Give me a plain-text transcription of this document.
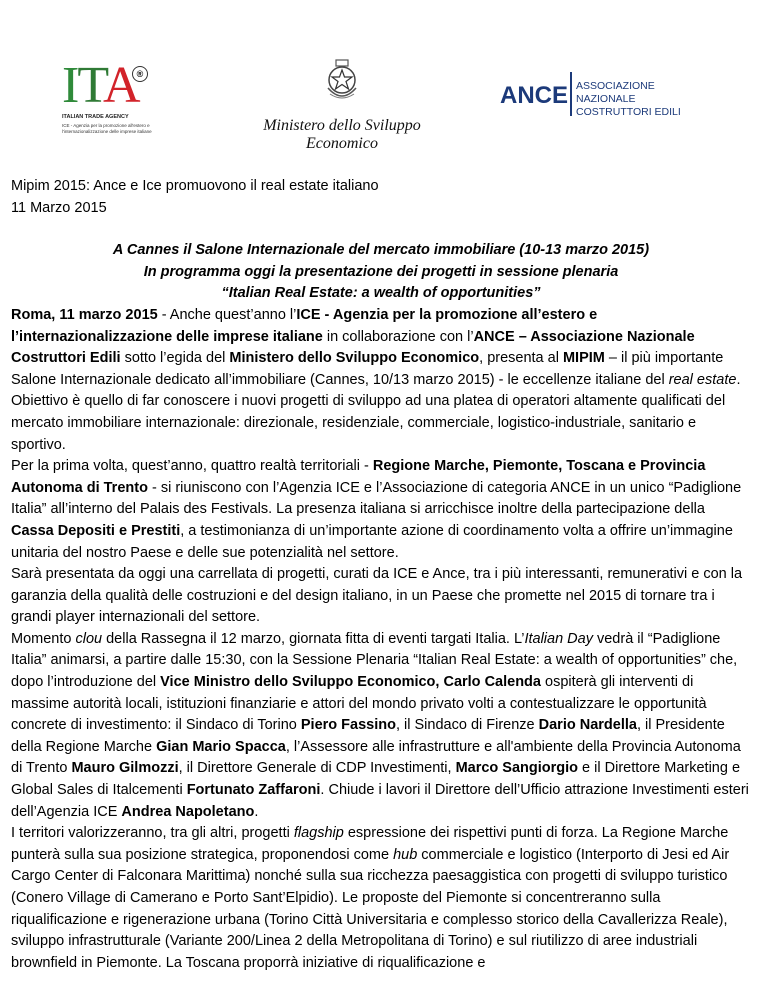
ITA
®
ITALIAN TRADE AGENCY
ICE - Agenzia per la promozione all'estero e l'internazionalizzazione delle imprese italiane	Ministero dello Sviluppo Economico
ANCE ASSOCIAZIONE NAZIONALE
COSTRUTTORI EDILI

Mipim 2015: Ance e Ice promuovono il real estate italiano

11 Marzo 2015

A Cannes il Salone Internazionale del mercato immobiliare (10-13 marzo 2015)

In programma oggi la presentazione dei progetti in sessione plenaria

“Italian Real Estate: a wealth of opportunities”

Roma, 11 marzo 2015 - Anche quest’anno l’ICE - Agenzia per la promozione all’estero e l’internazionalizzazione delle imprese italiane in collaborazione con l’ANCE – Associazione Nazionale Costruttori Edili sotto l’egida del Ministero dello Sviluppo Economico, presenta al MIPIM – il più importante Salone Internazionale dedicato all’immobiliare (Cannes, 10/13 marzo 2015) - le eccellenze italiane del real estate. Obiettivo è quello di far conoscere i nuovi progetti di sviluppo ad una platea di operatori altamente qualificati del mercato immobiliare internazionale: direzionale, residenziale, commerciale, logistico-industriale, sanitario e sportivo.

Per la prima volta, quest’anno, quattro realtà territoriali - Regione Marche, Piemonte, Toscana e Provincia Autonoma di Trento - si riuniscono con l’Agenzia ICE e l’Associazione di categoria ANCE in un unico “Padiglione Italia” all’interno del Palais des Festivals. La presenza italiana si arricchisce inoltre della partecipazione della Cassa Depositi e Prestiti, a testimonianza di un’importante azione di coordinamento volta a offrire un’immagine unitaria del nostro Paese e delle sue potenzialità nel settore.

Sarà presentata da oggi una carrellata di progetti, curati da ICE e Ance, tra i più interessanti, remunerativi e con la garanzia della qualità delle costruzioni e del design italiano, in un Paese che promette nel 2015 di tornare tra i grandi player internazionali del settore.

Momento clou della Rassegna il 12 marzo, giornata fitta di eventi targati Italia. L’Italian Day vedrà il “Padiglione Italia” animarsi, a partire dalle 15:30, con la Sessione Plenaria “Italian Real Estate: a wealth of opportunities” che, dopo l’introduzione del Vice Ministro dello Sviluppo Economico, Carlo Calenda ospiterà gli interventi di massime autorità locali, istituzioni finanziarie e attori del mondo privato volti a contestualizzare le opportunità concrete di investimento: il Sindaco di Torino Piero Fassino, il Sindaco di Firenze Dario Nardella, il Presidente della Regione Marche Gian Mario Spacca, l’Assessore alle infrastrutture e all'ambiente della Provincia Autonoma di Trento Mauro Gilmozzi, il Direttore Generale di CDP Investimenti, Marco Sangiorgio e il Direttore Marketing e Global Sales di Italcementi Fortunato Zaffaroni. Chiude i lavori il Direttore dell’Ufficio attrazione Investimenti esteri dell’Agenzia ICE Andrea Napoletano.

I territori valorizzeranno, tra gli altri, progetti flagship espressione dei rispettivi punti di forza. La Regione Marche punterà sulla sua posizione strategica, proponendosi come hub commerciale e logistico (Interporto di Jesi ed Air Cargo Center di Falconara Marittima) nonché sulla sua ricchezza paesaggistica con progetti di sviluppo turistico (Conero Village di Camerano e Porto Sant’Elpidio). Le proposte del Piemonte si concentreranno sulla riqualificazione e rigenerazione urbana (Torino Città Universitaria e complesso storico della Cavallerizza Reale), sviluppo infrastrutturale (Variante 200/Linea 2 della Metropolitana di Torino) e sul riutilizzo di aree industriali brownfield in Piemonte. La Toscana proporrà iniziative di riqualificazione e
